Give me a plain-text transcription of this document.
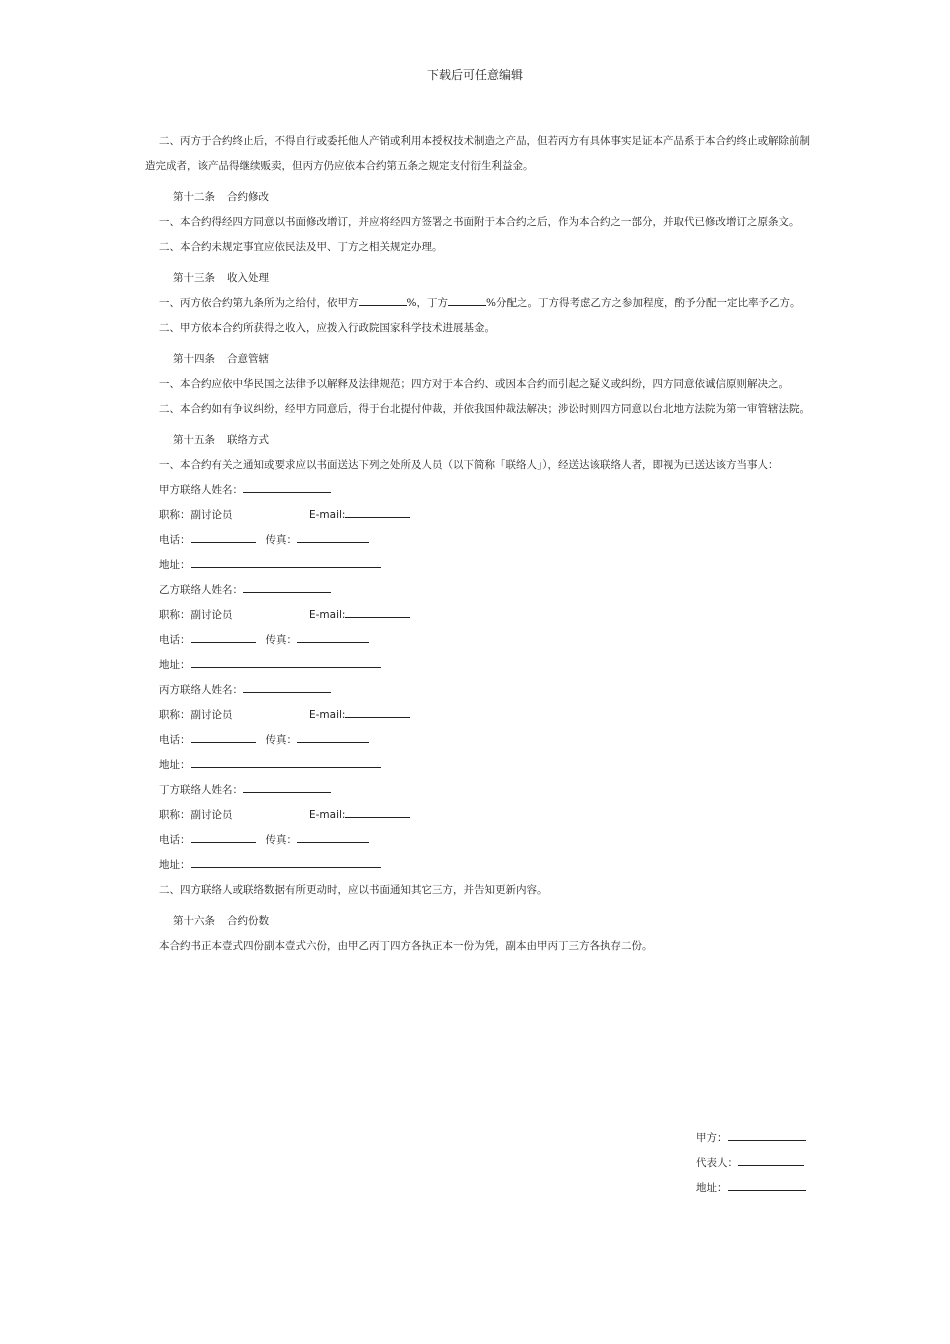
下载后可任意编辑

二、丙方于合约终止后，不得自行或委托他人产销或利用本授权技术制造之产品，但若丙方有具体事实足证本产品系于本合约终止或解除前制造完成者，该产品得继续贩卖，但丙方仍应依本合约第五条之规定支付衍生利益金。

第十二条 合约修改

一、本合约得经四方同意以书面修改增订，并应将经四方签署之书面附于本合约之后，作为本合约之一部分，并取代已修改增订之原条文。

二、本合约未规定事宜应依民法及甲、丁方之相关规定办理。

第十三条 收入处理

一、丙方依合约第九条所为之给付，依甲方	%，丁方	%分配之。丁方得考虑乙方之参加程度，酌予分配一定比率予乙方。

二、甲方依本合约所获得之收入，应拨入行政院国家科学技术进展基金。

第十四条 合意管辖

一、本合约应依中华民国之法律予以解释及法律规范；四方对于本合约、或因本合约而引起之疑义或纠纷，四方同意依诚信原则解决之。

二、本合约如有争议纠纷，经甲方同意后，得于台北提付仲裁，并依我国仲裁法解决；涉讼时则四方同意以台北地方法院为第一审管辖法院。

第十五条 联络方式

一、本合约有关之通知或要求应以书面送达下列之处所及人员（以下简称「联络人」），经送达该联络人者，即视为已送达该方当事人：

甲方联络人姓名：

职称：副讨论员	E-mail:

电话：	传真：

地址：

乙方联络人姓名：

职称：副讨论员	E-mail:

电话：	传真：

地址：

丙方联络人姓名：

职称：副讨论员	E-mail:

电话：	传真：

地址：

丁方联络人姓名：

职称：副讨论员	E-mail:

电话：	传真：

地址：

二、四方联络人或联络数据有所更动时，应以书面通知其它三方，并告知更新内容。

第十六条 合约份数

本合约书正本壹式四份副本壹式六份，由甲乙丙丁四方各执正本一份为凭，副本由甲丙丁三方各执存二份。

甲方：
代表人：
地址：
